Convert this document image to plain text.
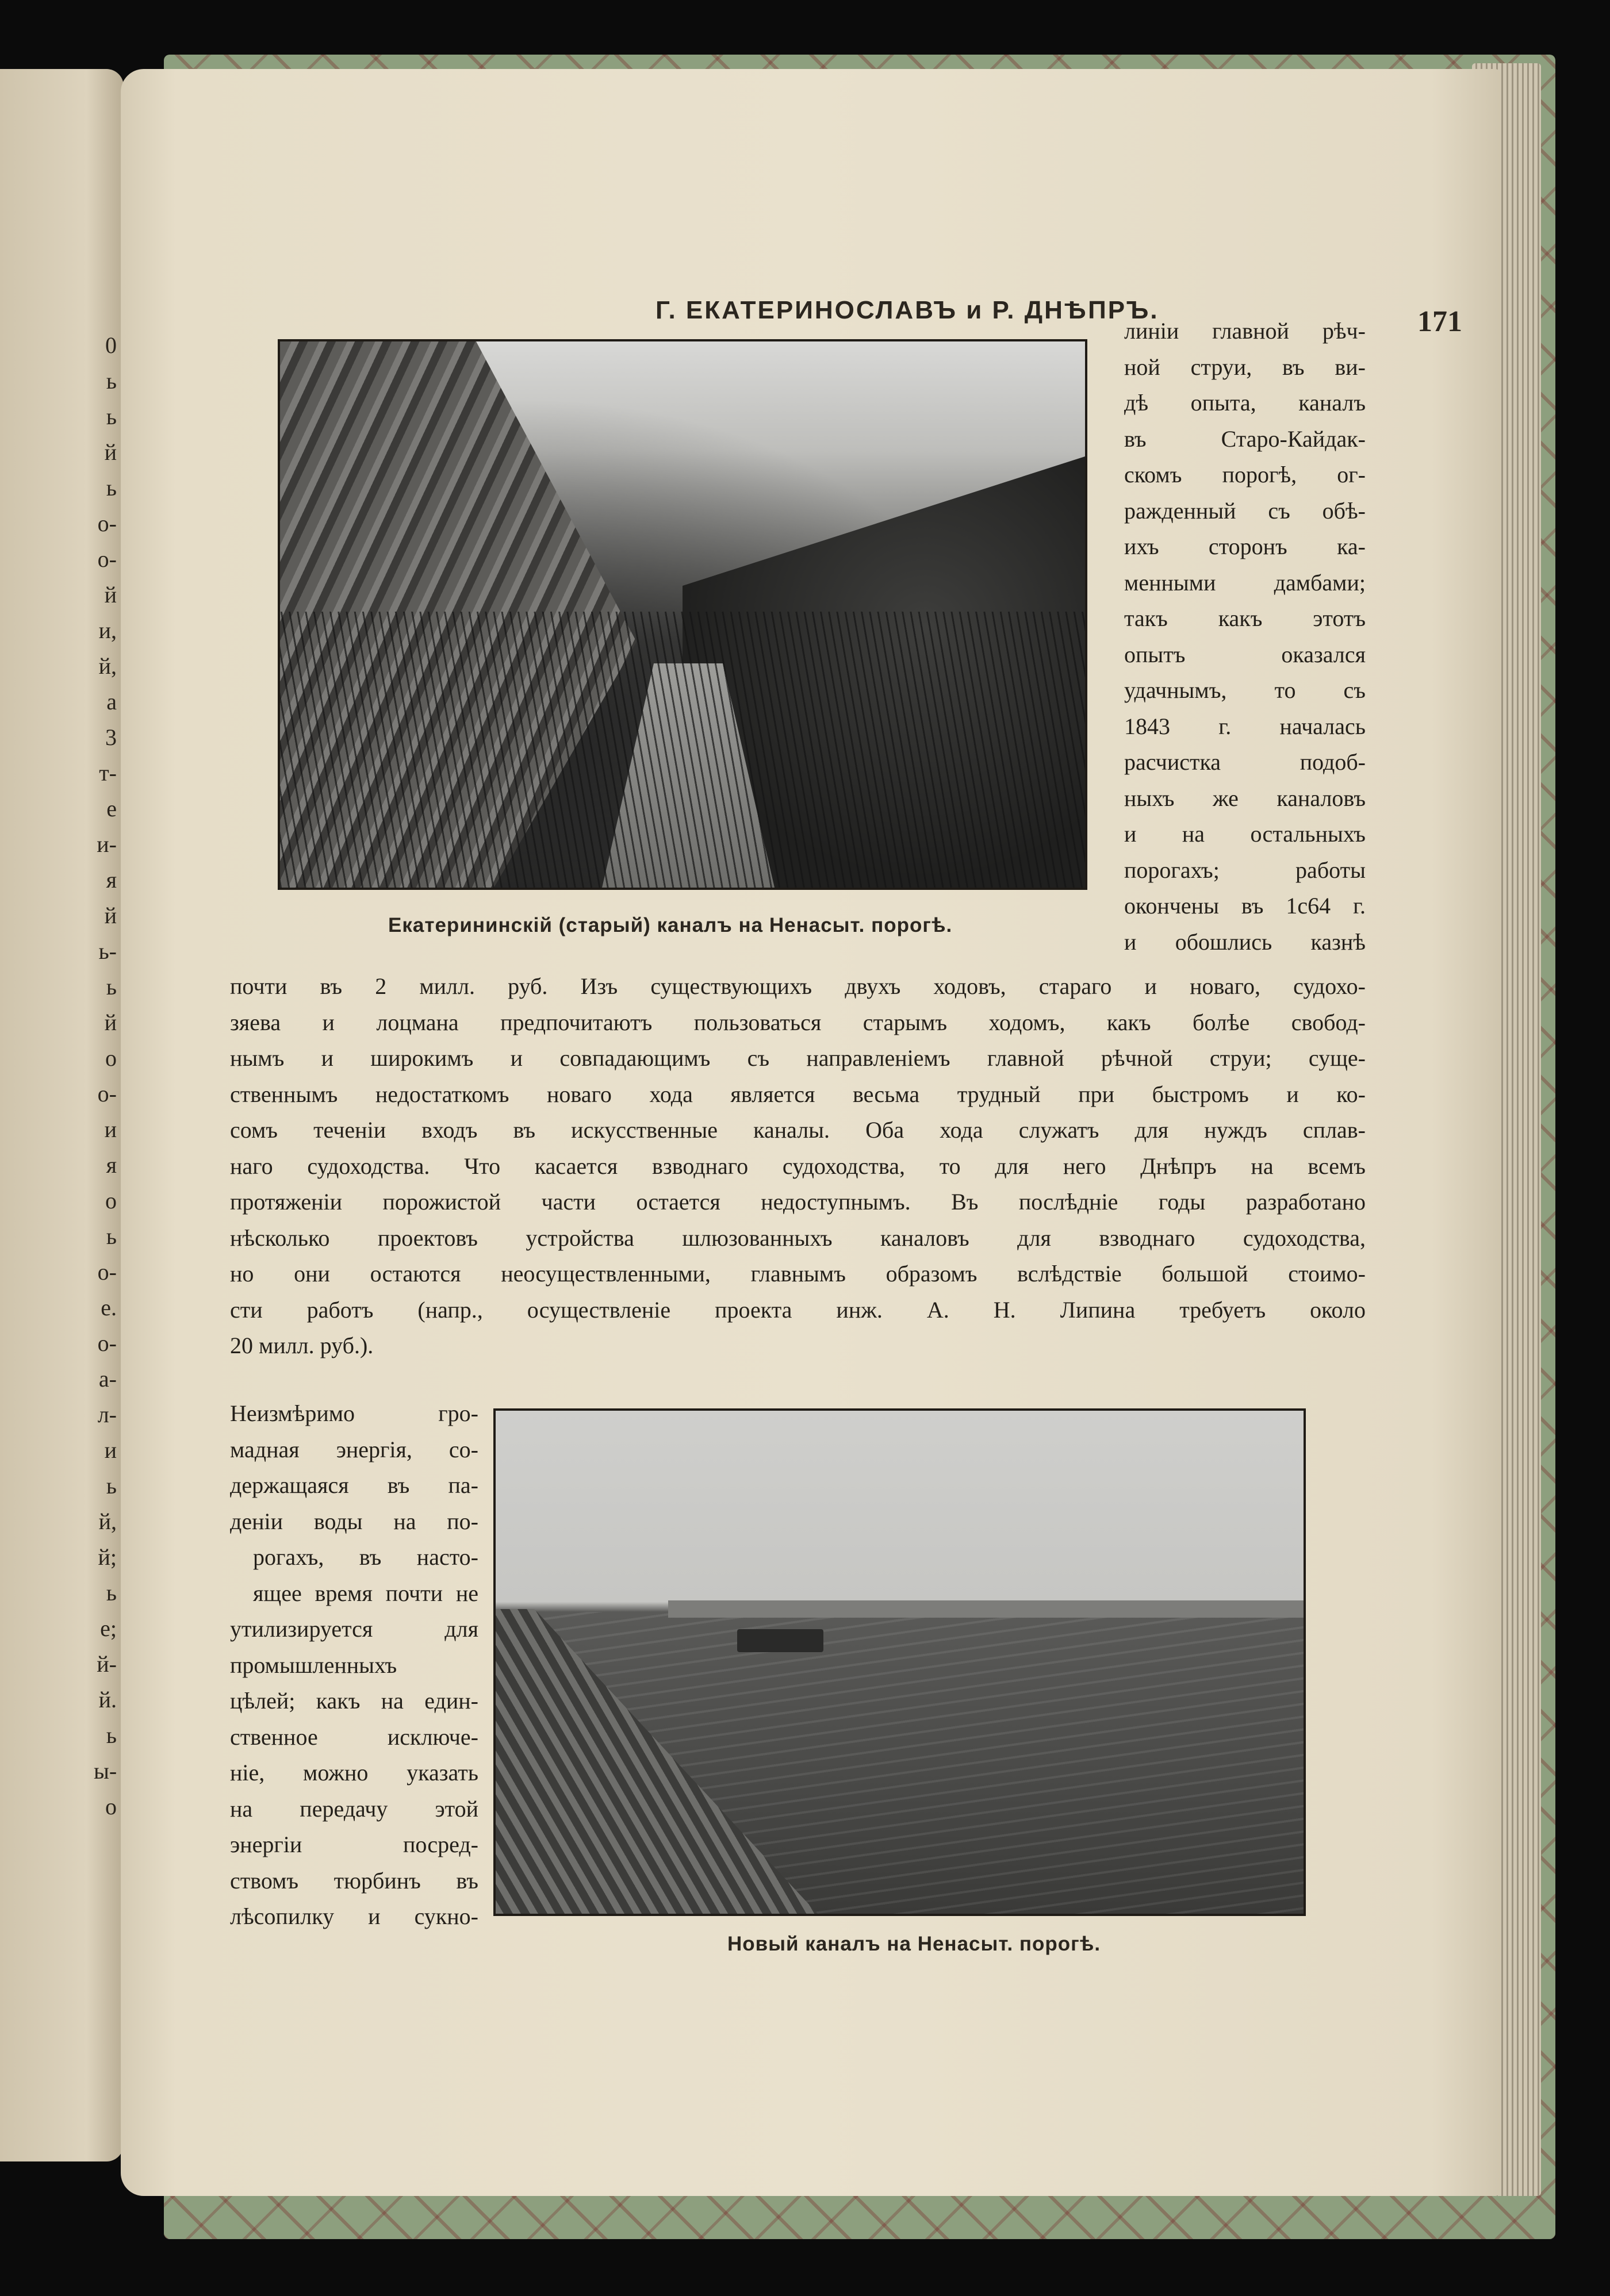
0
ь
ь
й
ь
о-
о-
й
и,
й,
а
3
т-
е
и-
я
й
ь-
ь
й
о
о-
и
я
о
ь
о-
е.
о-
а-
л-
и
ь
й,
й;
ь
е;
й-
й.
ь
ы-
о
Г. ЕКАТЕРИНОСЛАВЪ и Р. ДНѢПРЪ.	171
Екатерининскій (старый) каналъ на Ненасыт. порогѣ.
линіи главной рѣч-
ной струи, въ ви-
дѣ опыта, каналъ
въ Старо-Кайдак-
скомъ порогѣ, ог-
pажденный съ обѣ-
ихъ сторонъ ка-
менными дамбами;
такъ какъ этотъ
опытъ оказался
удачнымъ, то съ
1843 г. началась
расчистка подоб-
ныхъ же каналовъ
и на остальныхъ
порогахъ; работы
окончены въ 1с64 г.
и обошлись казнѣ
почти въ 2 милл. руб. Изъ существующихъ двухъ ходовъ, стараго и новаго, судохо-
зяева и лоцмана предпочитаютъ пользоваться старымъ ходомъ, какъ болѣе свобод-
нымъ и широкимъ и совпадающимъ съ направленіемъ главной рѣчной струи; суще-
ственнымъ недостаткомъ новаго хода является весьма трудный при быстромъ и ко-
сомъ теченіи входъ въ искусственные каналы. Оба хода служатъ для нуждъ сплав-
наго судоходства. Что касается взводнаго судоходства, то для него Днѣпръ на всемъ
протяженіи порожистой части остается недоступнымъ. Въ послѣдніе годы разработано
нѣсколько проектовъ устройства шлюзованныхъ каналовъ для взводнаго судоходства,
но они остаются неосуществленными, главнымъ образомъ вслѣдствіе большой стоимо-
сти работъ (напр., осуществленіе проекта инж. А. Н. Липина требуетъ около
20 милл. руб.).
Неизмѣримо гро-
мадная энергія, со-
держащаяся въ па-
деніи воды на по-
рогахъ, въ насто-
ящее время почти не
утилизируется для
промышленныхъ
цѣлей; какъ на един-
ственное исключе-
ніе, можно указать
на передачу этой
энергіи посред-
ствомъ тюрбинъ въ
лѣсопилку и сукно-
Новый каналъ на Ненасыт. порогѣ.
